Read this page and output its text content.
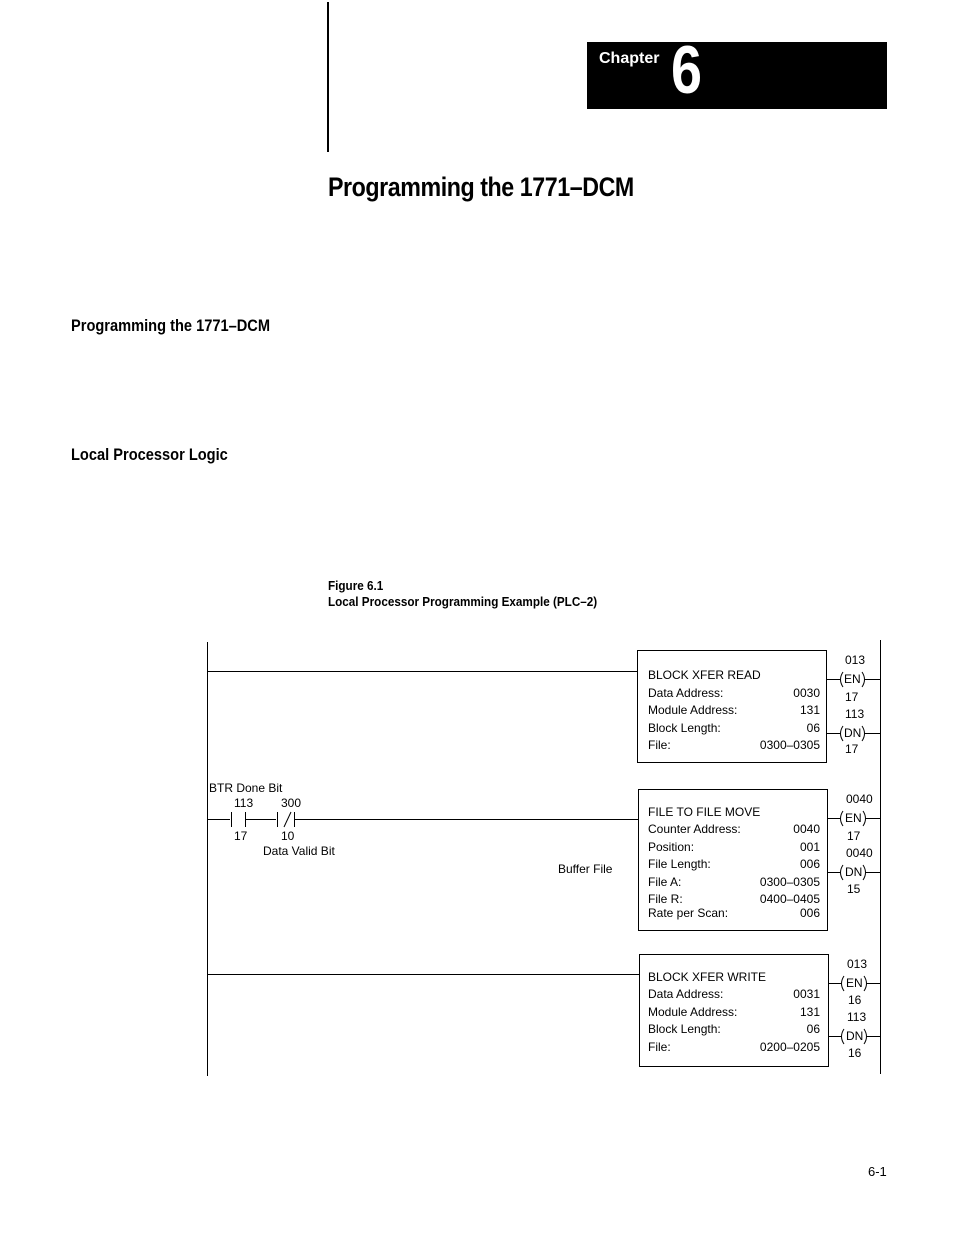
Chapter 6
Programming the 1771–DCM
Programming the 1771–DCM
Local Processor Logic
Figure 6.1
Local Processor Programming Example (PLC–2)
BLOCK XFER READ
Data Address:	0030
Module Address:	131
Block Length:	06
File:	0300–0305
013
EN
17
113
DN
17
BTR Done Bit
113 300
17	10
Data Valid Bit
Buffer File
FILE TO FILE MOVE
Counter Address:	0040
Position:	001
File Length:	006
File A:	0300–0305
File R:	0400–0405
Rate per Scan:	006
0040
EN
17
0040
DN
15
BLOCK XFER WRITE
Data Address:	0031
Module Address:	131
Block Length:	06
File:	0200–0205
013
EN
16
113
DN
16
6-1
